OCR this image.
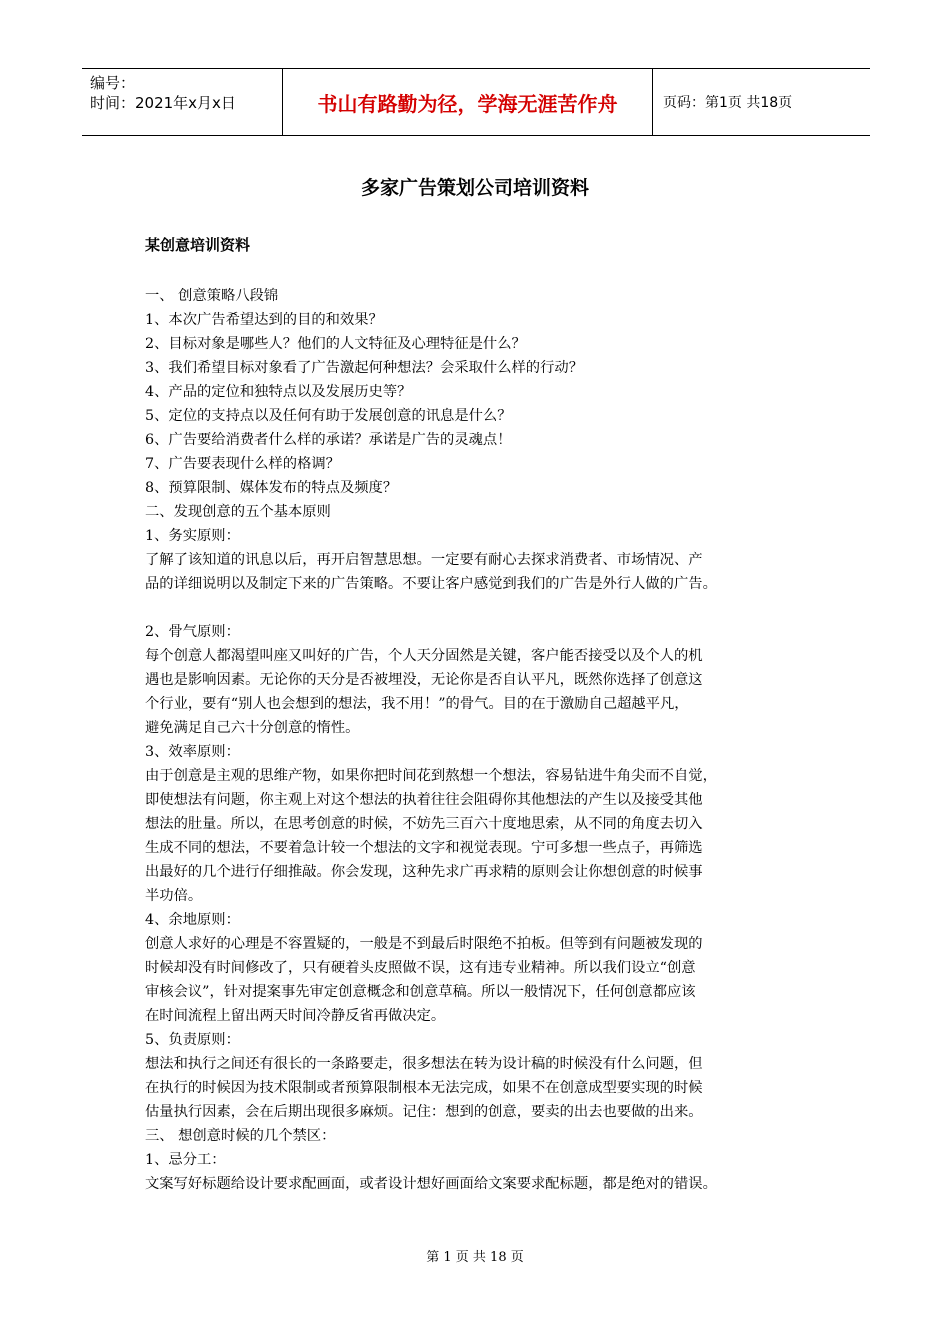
编号：
时间：2021年x月x日	书山有路勤为径，学海无涯苦作舟	页码：第1页 共18页
多家广告策划公司培训资料
某创意培训资料
一、 创意策略八段锦
1、本次广告希望达到的目的和效果？
2、目标对象是哪些人？他们的人文特征及心理特征是什么？
3、我们希望目标对象看了广告激起何种想法？会采取什么样的行动？
4、产品的定位和独特点以及发展历史等？
5、定位的支持点以及任何有助于发展创意的讯息是什么？
6、广告要给消费者什么样的承诺？承诺是广告的灵魂点！
7、广告要表现什么样的格调？
8、预算限制、媒体发布的特点及频度？
二、发现创意的五个基本原则
1、务实原则：
了解了该知道的讯息以后，再开启智慧思想。一定要有耐心去探求消费者、市场情况、产
品的详细说明以及制定下来的广告策略。不要让客户感觉到我们的广告是外行人做的广告。
2、骨气原则：
每个创意人都渴望叫座又叫好的广告，个人天分固然是关键，客户能否接受以及个人的机
遇也是影响因素。无论你的天分是否被埋没，无论你是否自认平凡，既然你选择了创意这
个行业，要有“别人也会想到的想法，我不用！”的骨气。目的在于激励自己超越平凡，
避免满足自己六十分创意的惰性。
3、效率原则：
由于创意是主观的思维产物，如果你把时间花到熬想一个想法，容易钻进牛角尖而不自觉，
即使想法有问题，你主观上对这个想法的执着往往会阻碍你其他想法的产生以及接受其他
想法的肚量。所以，在思考创意的时候，不妨先三百六十度地思索，从不同的角度去切入
生成不同的想法，不要着急计较一个想法的文字和视觉表现。宁可多想一些点子，再筛选
出最好的几个进行仔细推敲。你会发现，这种先求广再求精的原则会让你想创意的时候事
半功倍。
4、余地原则：
创意人求好的心理是不容置疑的，一般是不到最后时限绝不拍板。但等到有问题被发现的
时候却没有时间修改了，只有硬着头皮照做不误，这有违专业精神。所以我们设立“创意
审核会议”，针对提案事先审定创意概念和创意草稿。所以一般情况下，任何创意都应该
在时间流程上留出两天时间冷静反省再做决定。
5、负责原则：
想法和执行之间还有很长的一条路要走，很多想法在转为设计稿的时候没有什么问题，但
在执行的时候因为技术限制或者预算限制根本无法完成，如果不在创意成型要实现的时候
估量执行因素，会在后期出现很多麻烦。记住：想到的创意，要卖的出去也要做的出来。
三、 想创意时候的几个禁区：
1、忌分工：
文案写好标题给设计要求配画面，或者设计想好画面给文案要求配标题，都是绝对的错误。
第 1 页 共 18 页
